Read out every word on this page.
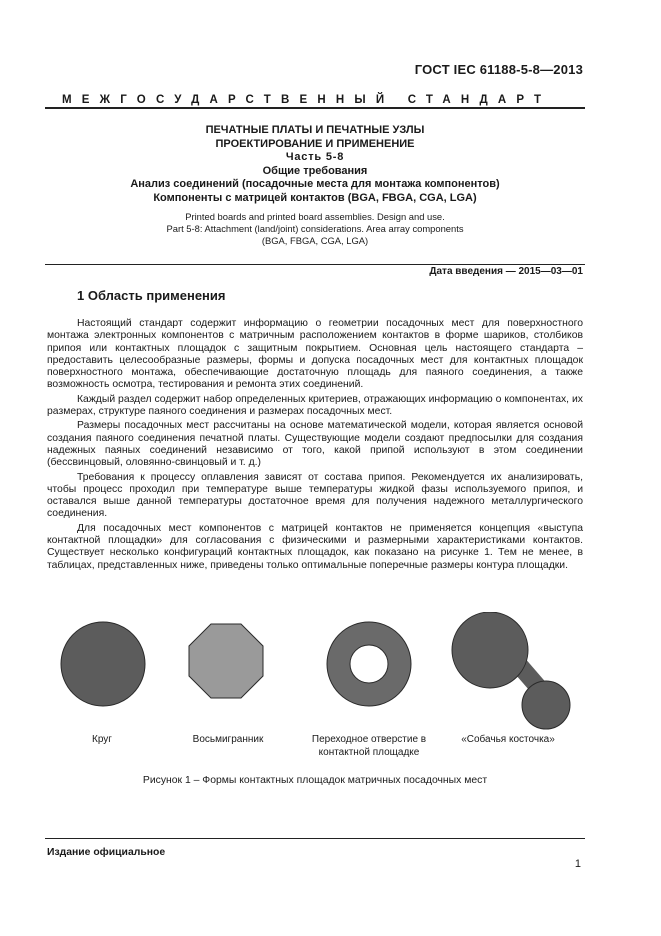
ГОСТ IEC 61188-5-8—2013
МЕЖГОСУДАРСТВЕННЫЙ СТАНДАРТ
ПЕЧАТНЫЕ ПЛАТЫ И ПЕЧАТНЫЕ УЗЛЫ
ПРОЕКТИРОВАНИЕ И ПРИМЕНЕНИЕ
Часть 5-8
Общие требования
Анализ соединений (посадочные места для монтажа компонентов)
Компоненты с матрицей контактов (BGA, FBGA, CGA, LGA)
Printed boards and printed board assemblies. Design and use.
Part 5-8: Attachment (land/joint) considerations. Area array components
(BGA, FBGA, CGA, LGA)
Дата введения — 2015—03—01
1 Область применения

Настоящий стандарт содержит информацию о геометрии посадочных мест для поверхностного монтажа электронных компонентов с матричным расположением контактов в форме шариков, столбиков припоя или контактных площадок с защитным покрытием. Основная цель настоящего стандарта – предоставить целесообразные размеры, формы и допуска посадочных мест для контактных площадок поверхностного монтажа, обеспечивающие достаточную площадь для паяного соединения, а также возможность осмотра, тестирования и ремонта этих соединений.

Каждый раздел содержит набор определенных критериев, отражающих информацию о компонентах, их размерах, структуре паяного соединения и размерах посадочных мест.

Размеры посадочных мест рассчитаны на основе математической модели, которая является основой создания паяного соединения печатной платы. Существующие модели создают предпосылки для создания надежных паяных соединений независимо от того, какой припой используют в этом соединении (бессвинцовый, оловянно-свинцовый и т. д.)

Требования к процессу оплавления зависят от состава припоя. Рекомендуется их анализировать, чтобы процесс проходил при температуре выше температуры жидкой фазы используемого припоя, и оставался выше данной температуры достаточное время для получения надежного металлургического соединения.

Для посадочных мест компонентов с матрицей контактов не применяется концепция «выступа контактной площадки» для согласования с физическими и размерными характеристиками контактов. Существует несколько конфигураций контактных площадок, как показано на рисунке 1. Тем не менее, в таблицах, представленных ниже, приведены только оптимальные поперечные размеры контура площадки.

Круг	Восьмигранник	Переходное отверстие в контактной площадке
«Собачья косточка»
Рисунок 1 – Формы контактных площадок матричных посадочных мест
Издание официальное
1
